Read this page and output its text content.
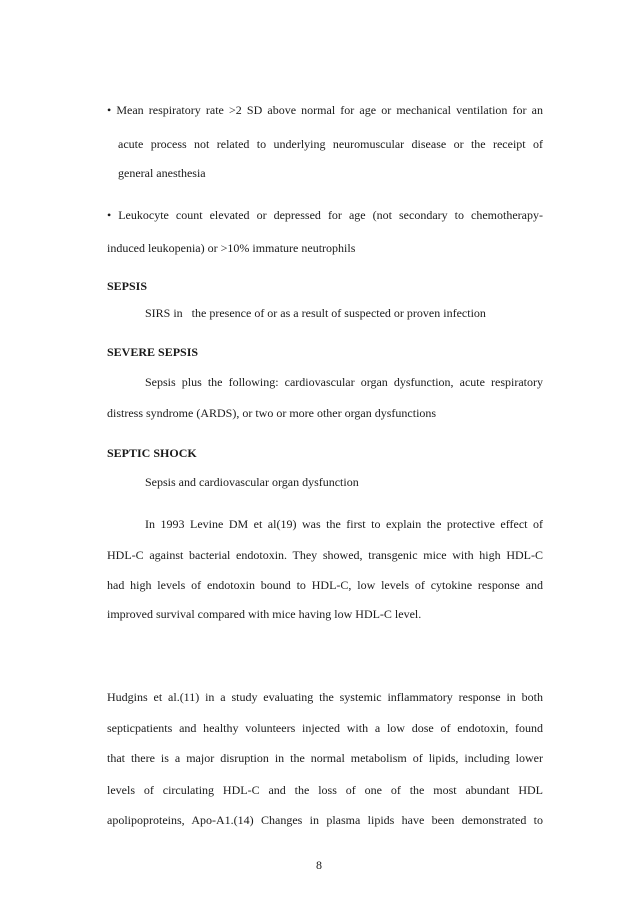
• Mean respiratory rate >2 SD above normal for age or mechanical ventilation for an
acute process not related to underlying neuromuscular disease or the receipt of
general anesthesia
• Leukocyte count elevated or depressed for age (not secondary to chemotherapy-
induced leukopenia) or >10% immature neutrophils
SEPSIS
SIRS in   the presence of or as a result of suspected or proven infection
SEVERE SEPSIS
Sepsis plus the following: cardiovascular organ dysfunction, acute respiratory
distress syndrome (ARDS), or two or more other organ dysfunctions
SEPTIC SHOCK
Sepsis and cardiovascular organ dysfunction
In 1993 Levine DM et al(19) was the first to explain the protective effect of
HDL-C against bacterial endotoxin. They showed, transgenic mice with high HDL-C
had high levels of endotoxin bound to HDL-C, low levels of cytokine response and
improved survival compared with mice having low HDL-C level.
Hudgins et al.(11) in a study evaluating the systemic inflammatory response in both
septicpatients and healthy volunteers injected with a low dose of endotoxin, found
that there is a major disruption in the normal metabolism of lipids, including lower
levels of circulating HDL-C and the loss of one of the most abundant HDL
apolipoproteins, Apo-A1.(14) Changes in plasma lipids have been demonstrated to
8
